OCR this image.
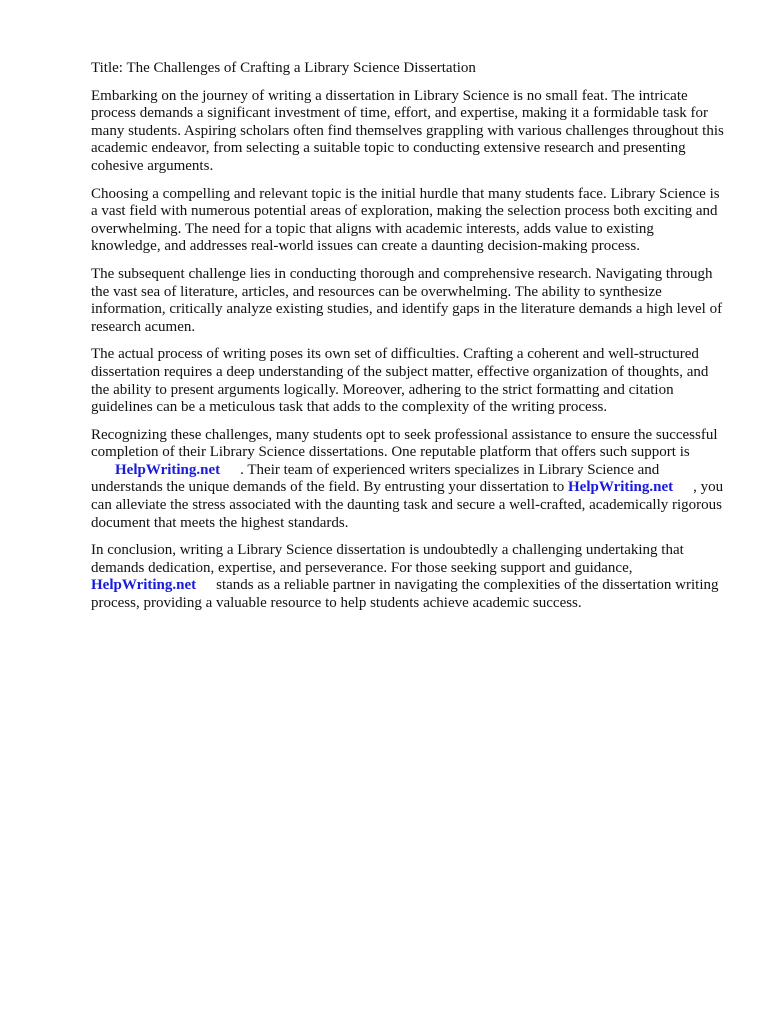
Title: The Challenges of Crafting a Library Science Dissertation

Embarking on the journey of writing a dissertation in Library Science is no small feat. The intricate process demands a significant investment of time, effort, and expertise, making it a formidable task for many students. Aspiring scholars often find themselves grappling with various challenges throughout this academic endeavor, from selecting a suitable topic to conducting extensive research and presenting cohesive arguments.

Choosing a compelling and relevant topic is the initial hurdle that many students face. Library Science is a vast field with numerous potential areas of exploration, making the selection process both exciting and overwhelming. The need for a topic that aligns with academic interests, adds value to existing knowledge, and addresses real-world issues can create a daunting decision-making process.

The subsequent challenge lies in conducting thorough and comprehensive research. Navigating through the vast sea of literature, articles, and resources can be overwhelming. The ability to synthesize information, critically analyze existing studies, and identify gaps in the literature demands a high level of research acumen.

The actual process of writing poses its own set of difficulties. Crafting a coherent and well-structured dissertation requires a deep understanding of the subject matter, effective organization of thoughts, and the ability to present arguments logically. Moreover, adhering to the strict formatting and citation guidelines can be a meticulous task that adds to the complexity of the writing process.

Recognizing these challenges, many students opt to seek professional assistance to ensure the successful completion of their Library Science dissertations. One reputable platform that offers such support is HelpWriting.net . Their team of experienced writers specializes in Library Science and understands the unique demands of the field. By entrusting your dissertation to HelpWriting.net , you can alleviate the stress associated with the daunting task and secure a well-crafted, academically rigorous document that meets the highest standards.

In conclusion, writing a Library Science dissertation is undoubtedly a challenging undertaking that demands dedication, expertise, and perseverance. For those seeking support and guidance, HelpWriting.net stands as a reliable partner in navigating the complexities of the dissertation writing process, providing a valuable resource to help students achieve academic success.
